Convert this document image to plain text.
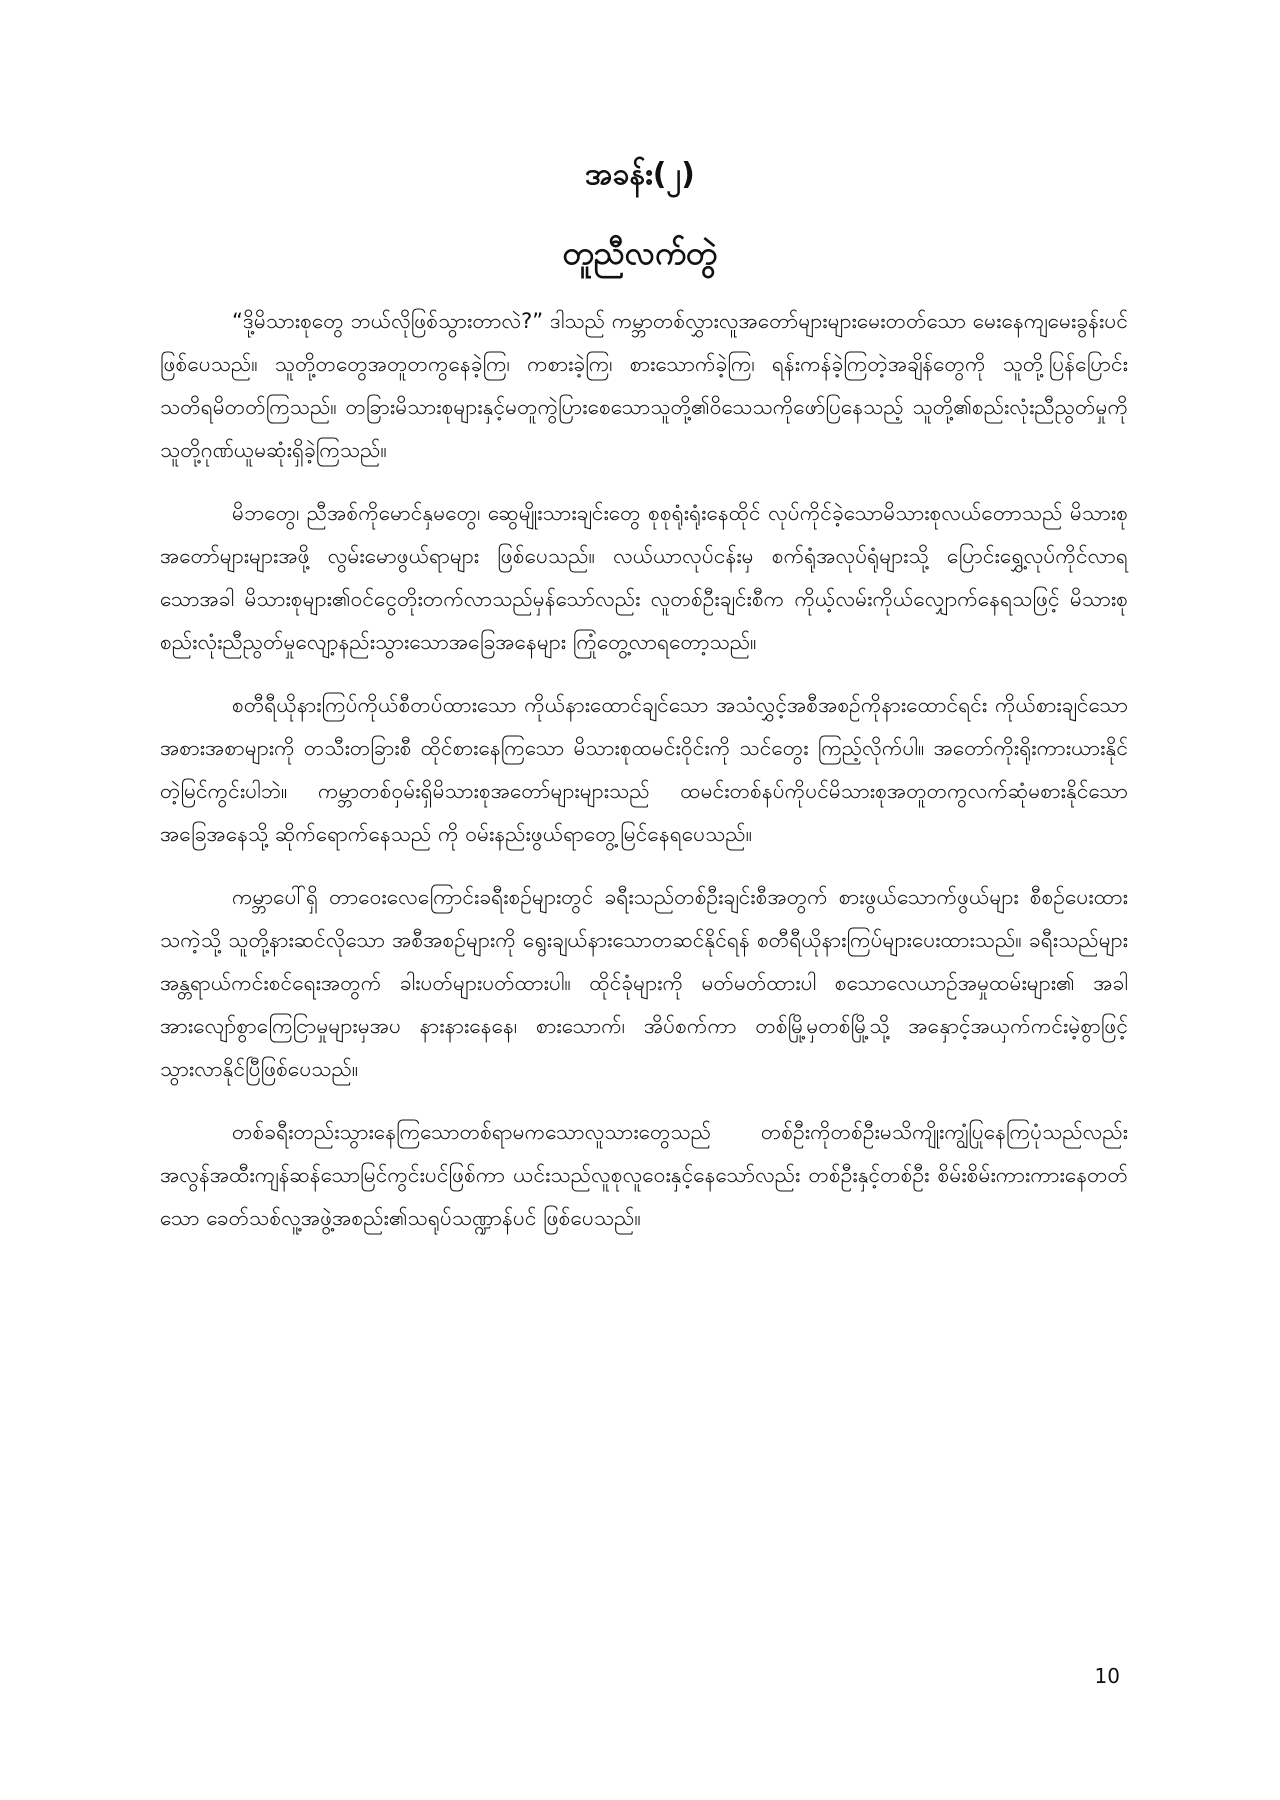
အခန်း(၂)
တူညီလက်တွဲ

“ဒို့မိသားစုတွေ ဘယ်လိုဖြစ်သွားတာလဲ?” ဒါသည် ကမ္ဘာတစ်လွှားလူအတော်များများမေးတတ်သော မေးနေကျမေးခွန်းပင်ဖြစ်ပေသည်။ သူတို့တတွေအတူတကွနေခဲ့ကြ၊ ကစားခဲ့ကြ၊ စားသောက်ခဲ့ကြ၊ ရန်းကန်ခဲ့ကြတဲ့အချိန်တွေကို သူတို့ပြန်ပြောင်းသတိရမိတတ်ကြသည်။ တခြားမိသားစုများနှင့်မတူကွဲပြားစေသောသူတို့၏ဝိသေသကိုဖော်ပြနေသည့် သူတို့၏စည်းလုံးညီညွတ်မှုကို သူတို့ဂုဏ်ယူမဆုံးရှိခဲ့ကြသည်။

မိဘတွေ၊ ညီအစ်ကိုမောင်နှမတွေ၊ ဆွေမျိုးသားချင်းတွေ စုစုရုံးရုံးနေထိုင် လုပ်ကိုင်ခဲ့သောမိသားစုလယ်တောသည် မိသားစုအတော်များများအဖို့ လွမ်းမောဖွယ်ရာများ ဖြစ်ပေသည်။ လယ်ယာလုပ်ငန်းမှ စက်ရုံအလုပ်ရုံများသို့ ပြောင်းရွှေ့လုပ်ကိုင်လာရသောအခါ မိသားစုများ၏ဝင်ငွေတိုးတက်လာသည်မှန်သော်လည်း လူတစ်ဦးချင်းစီက ကိုယ့်လမ်းကိုယ်လျှောက်နေရသဖြင့် မိသားစုစည်းလုံးညီညွတ်မှုလျော့နည်းသွားသောအခြေအနေများ ကြုံတွေ့လာရတော့သည်။

စတီရီယိုနားကြပ်ကိုယ်စီတပ်ထားသော ကိုယ်နားထောင်ချင်သော အသံလွှင့်အစီအစဉ်ကိုနားထောင်ရင်း ကိုယ်စားချင်သောအစားအစာများကို တသီးတခြားစီ ထိုင်စားနေကြသော မိသားစုထမင်းဝိုင်းကို သင်တွေး ကြည့်လိုက်ပါ။ အတော်ကိုးရိုးကားယားနိုင်တဲ့မြင်ကွင်းပါဘဲ။ ကမ္ဘာတစ်ဝှမ်းရှိမိသားစုအတော်များများသည် ထမင်းတစ်နပ်ကိုပင်မိသားစုအတူတကွလက်ဆုံမစားနိုင်သောအခြေအနေသို့ ဆိုက်ရောက်နေသည် ကို ဝမ်းနည်းဖွယ်ရာတွေ့မြင်နေရပေသည်။

ကမ္ဘာပေါ်ရှိ တာဝေးလေကြောင်းခရီးစဉ်များတွင် ခရီးသည်တစ်ဦးချင်းစီအတွက် စားဖွယ်သောက်ဖွယ်များ စီစဉ်ပေးထားသကဲ့သို့ သူတို့နားဆင်လိုသော အစီအစဉ်များကို ရွေးချယ်နားသောတဆင်နိုင်ရန် စတီရီယိုနားကြပ်များပေးထားသည်။ ခရီးသည်များ အန္တရာယ်ကင်းစင်ရေးအတွက် ခါးပတ်များပတ်ထားပါ။ ထိုင်ခုံများကို မတ်မတ်ထားပါ စသောလေယာဉ်အမှုထမ်းများ၏ အခါအားလျော်စွာကြေငြာမှုများမှအပ နားနားနေနေ၊ စားသောက်၊ အိပ်စက်ကာ တစ်မြို့မှတစ်မြို့သို့ အနှောင့်အယှက်ကင်းမဲ့စွာဖြင့် သွားလာနိုင်ပြီဖြစ်ပေသည်။

တစ်ခရီးတည်းသွားနေကြသောတစ်ရာမကသောလူသားတွေသည် တစ်ဦးကိုတစ်ဦးမသိကျိုးကျွံပြုနေကြပုံသည်လည်း အလွန်အထီးကျန်ဆန်သောမြင်ကွင်းပင်ဖြစ်ကာ ယင်းသည်လူစုလူဝေးနှင့်နေသော်လည်း တစ်ဦးနှင့်တစ်ဦး စိမ်းစိမ်းကားကားနေတတ်သော ခေတ်သစ်လူ့အဖွဲ့အစည်း၏သရုပ်သဏ္ဍာန်ပင် ဖြစ်ပေသည်။

10
